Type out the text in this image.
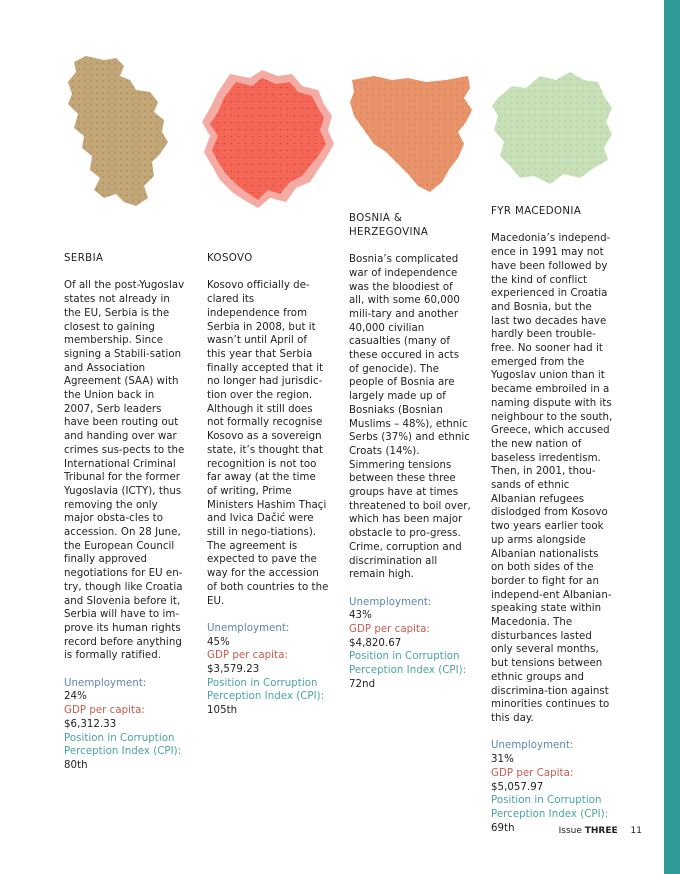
SERBIA
Of all the post-Yugoslav states not already in the EU, Serbia is the closest to gaining membership. Since signing a Stabili-sation and Association Agreement (SAA) with the Union back in 2007, Serb leaders have been routing out and handing over war crimes sus-pects to the International Criminal Tribunal for the former Yugoslavia (ICTY), thus removing the only major obsta-cles to accession. On 28 June, the European Council finally approved negotiations for EU en-try, though like Croatia and Slovenia before it, Serbia will have to im-prove its human rights record before anything is formally ratified.
Unemployment:
24%
GDP per capita:
$6,312.33
Position in Corruption Perception Index (CPI):
80th
KOSOVO
Kosovo officially de-clared its independence from Serbia in 2008, but it wasn’t until April of this year that Serbia finally accepted that it no longer had jurisdic-tion over the region. Although it still does not formally recognise Kosovo as a sovereign state, it’s thought that recognition is not too far away (at the time of writing, Prime Ministers Hashim Thaçi and Ivica Dačić were still in nego-tiations). The agreement is expected to pave the way for the accession of both countries to the EU.
Unemployment:
45%
GDP per capita:
$3,579.23
Position in Corruption Perception Index (CPI):
105th
BOSNIA & HERZEGOVINA
Bosnia’s complicated war of independence was the bloodiest of all, with some 60,000 mili-tary and another 40,000 civilian casualties (many of these occured in acts of genocide). The people of Bosnia are largely made up of Bosniaks (Bosnian Muslims – 48%), ethnic Serbs (37%) and ethnic Croats (14%). Simmering tensions between these three groups have at times threatened to boil over, which has been major obstacle to pro-gress. Crime, corruption and discrimination all remain high.
Unemployment:
43%
GDP per capita:
$4,820.67
Position in Corruption Perception Index (CPI):
72nd
FYR MACEDONIA
Macedonia’s independ-ence in 1991 may not have been followed by the kind of conflict experienced in Croatia and Bosnia, but the last two decades have hardly been trouble-free. No sooner had it emerged from the Yugoslav union than it became embroiled in a naming dispute with its neighbour to the south, Greece, which accused the new nation of baseless irredentism. Then, in 2001, thou-sands of ethnic Albanian refugees dislodged from Kosovo two years earlier took up arms alongside Albanian nationalists on both sides of the border to fight for an independ-ent Albanian-speaking state within Macedonia. The disturbances lasted only several months, but tensions between ethnic groups and discrimina-tion against minorities continues to this day.
Unemployment:
31%
GDP per Capita:
$5,057.97
Position in Corruption Perception Index (CPI):
69th	Issue THREE 11
